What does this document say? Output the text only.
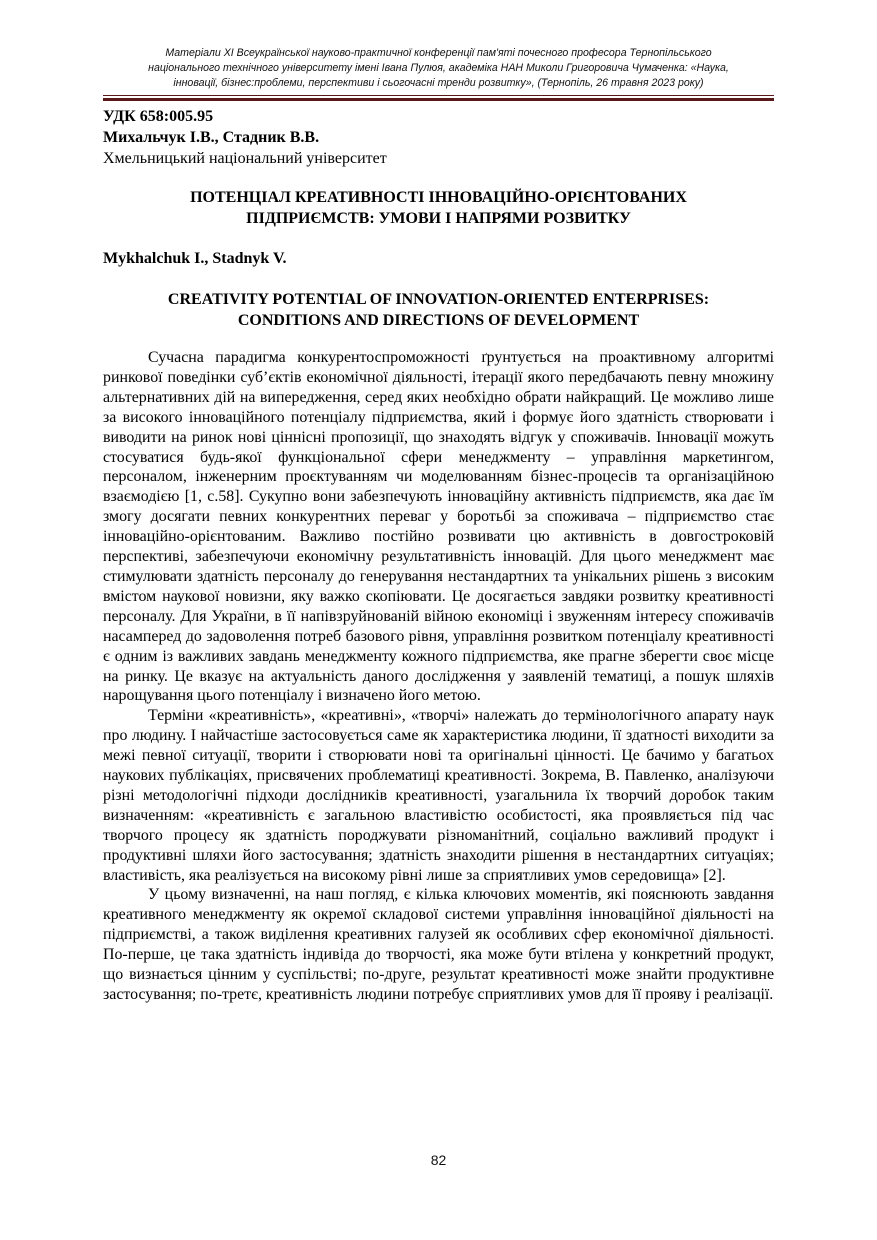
Матеріали XI Всеукраїнської науково-практичної конференції пам'яті почесного професора Тернопільського
національного технічного університету імені Івана Пулюя, академіка НАН Миколи Григоровича Чумаченка: «Наука,
інновації, бізнес:проблеми, перспективи і сьогочасні тренди розвитку», (Тернопіль, 26 травня 2023 року)
УДК 658:005.95
Михальчук І.В., Стадник В.В.
Хмельницький національний університет
ПОТЕНЦІАЛ КРЕАТИВНОСТІ ІННОВАЦІЙНО-ОРІЄНТОВАНИХ
ПІДПРИЄМСТВ: УМОВИ І НАПРЯМИ РОЗВИТКУ
Mykhalchuk I., Stadnyk V.
CREATIVITY POTENTIAL OF INNOVATION-ORIENTED ENTERPRISES:
CONDITIONS AND DIRECTIONS OF DEVELOPMENT

Сучасна парадигма конкурентоспроможності ґрунтується на проактивному алгоритмі ринкової поведінки суб’єктів економічної діяльності, ітерації якого передбачають певну множину альтернативних дій на випередження, серед яких необхідно обрати найкращий. Це можливо лише за високого інноваційного потенціалу підприємства, який і формує його здатність створювати і виводити на ринок нові ціннісні пропозиції, що знаходять відгук у споживачів. Інновації можуть стосуватися будь-якої функціональної сфери менеджменту – управління маркетингом, персоналом, інженерним проєктуванням чи моделюванням бізнес-процесів та організаційною взаємодією [1, с.58]. Сукупно вони забезпечують інноваційну активність підприємств, яка дає їм змогу досягати певних конкурентних переваг у боротьбі за споживача – підприємство стає інноваційно-орієнтованим. Важливо постійно розвивати цю активність в довгостроковій перспективі, забезпечуючи економічну результативність інновацій. Для цього менеджмент має стимулювати здатність персоналу до генерування нестандартних та унікальних рішень з високим вмістом наукової новизни, яку важко скопіювати. Це досягається завдяки розвитку креативності персоналу. Для України, в її напівзруйнованій війною економіці і звуженням інтересу споживачів насамперед до задоволення потреб базового рівня, управління розвитком потенціалу креативності є одним із важливих завдань менеджменту кожного підприємства, яке прагне зберегти своє місце на ринку. Це вказує на актуальність даного дослідження у заявленій тематиці, а пошук шляхів нарощування цього потенціалу і визначено його метою.

Терміни «креативність», «креативні», «творчі» належать до термінологічного апарату наук про людину. І найчастіше застосовується саме як характеристика людини, її здатності виходити за межі певної ситуації, творити і створювати нові та оригінальні цінності. Це бачимо у багатьох наукових публікаціях, присвячених проблематиці креативності. Зокрема, В. Павленко, аналізуючи різні методологічні підходи дослідників креативності, узагальнила їх творчий доробок таким визначенням: «креативність є загальною властивістю особистості, яка проявляється під час творчого процесу як здатність породжувати різноманітний, соціально важливий продукт і продуктивні шляхи його застосування; здатність знаходити рішення в нестандартних ситуаціях; властивість, яка реалізується на високому рівні лише за сприятливих умов середовища» [2].

У цьому визначенні, на наш погляд, є кілька ключових моментів, які пояснюють завдання креативного менеджменту як окремої складової системи управління інноваційної діяльності на підприємстві, а також виділення креативних галузей як особливих сфер економічної діяльності. По-перше, це така здатність індивіда до творчості, яка може бути втілена у конкретний продукт, що визнається цінним у суспільстві; по-друге, результат креативності може знайти продуктивне застосування; по-третє, креативність людини потребує сприятливих умов для її прояву і реалізації.

82
